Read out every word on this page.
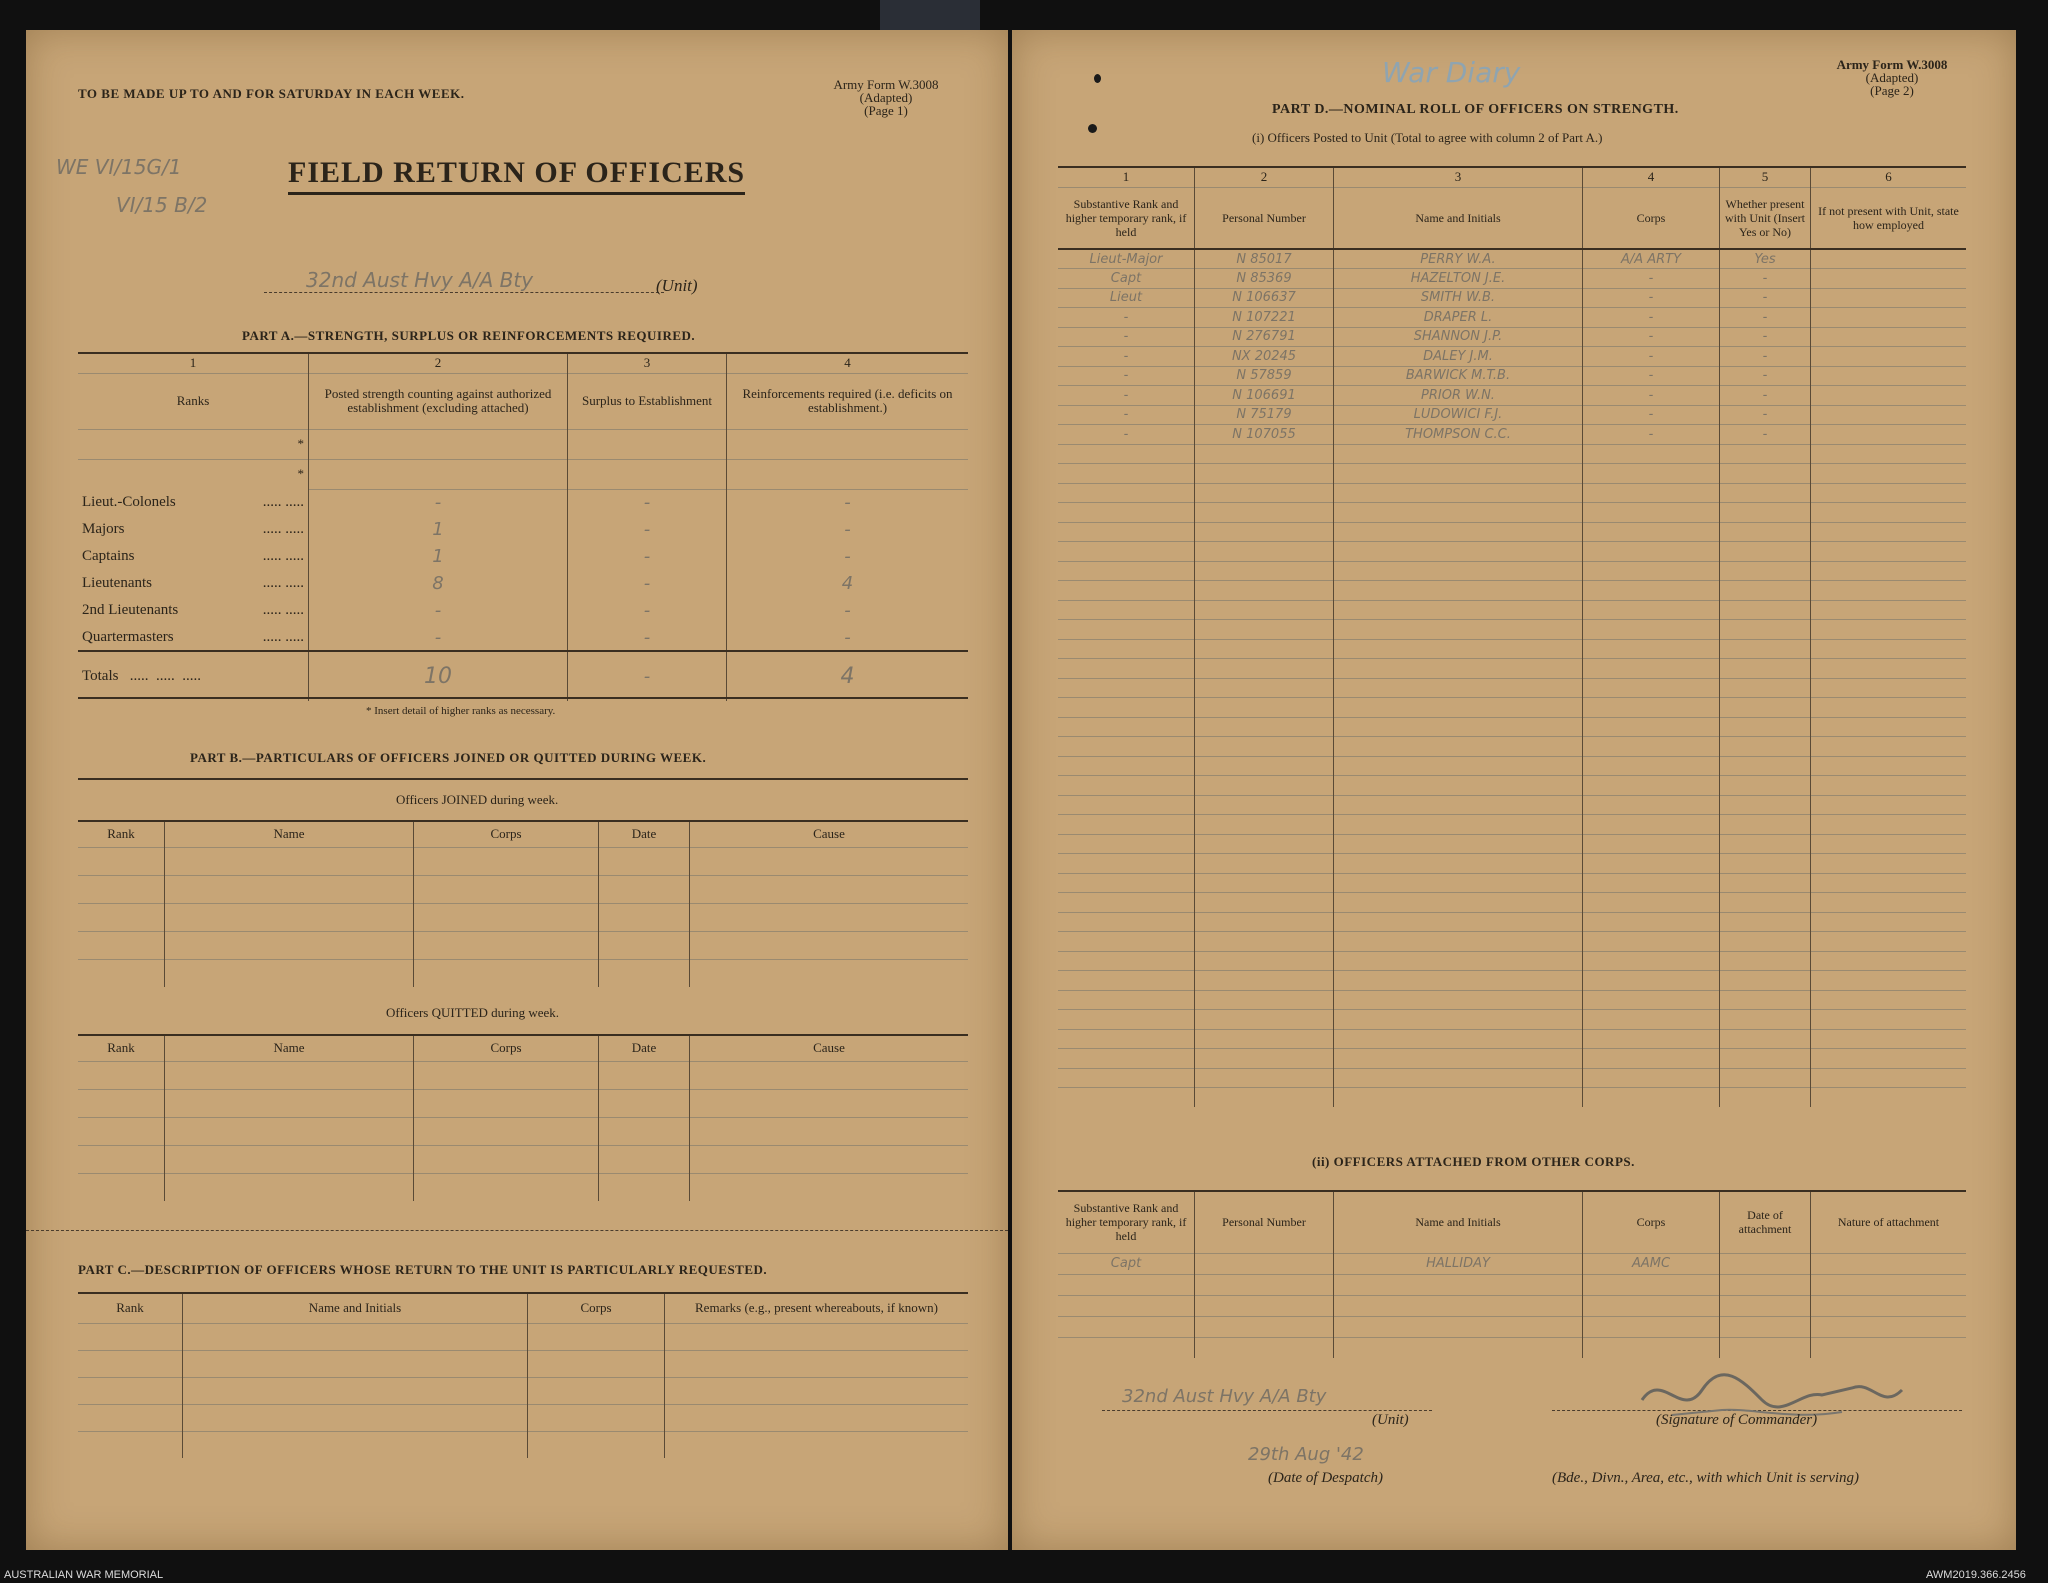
TO BE MADE UP TO AND FOR SATURDAY IN EACH WEEK.
Army Form W.3008
(Adapted)
(Page 1)
WE VI/15G/1
VI/15 B/2
FIELD RETURN OF OFFICERS
32nd Aust Hvy A/A Bty	(Unit)
PART A.—STRENGTH, SURPLUS OR REINFORCEMENTS REQUIRED.
1	2	3	4
Ranks	Posted strength counting against authorized establishment (excluding attached)	Surplus to Establishment	Reinforcements required (i.e. deficits on establishment.)
*			
*			
Lieut.-Colonels ..... .....	-	-	-
Majors ..... .....	1	-	-
Captains ..... .....	1	-	-
Lieutenants ..... .....	8	-	4
2nd Lieutenants ..... .....	-	-	-
Quartermasters ..... .....	-	-	-
Totals   .....  .....  .....	10	-	4
* Insert detail of higher ranks as necessary.
PART B.—PARTICULARS OF OFFICERS JOINED OR QUITTED DURING WEEK.
Officers JOINED during week.
Rank	Name	Corps	Date	Cause

Officers QUITTED during week.
Rank	Name	Corps	Date	Cause

PART C.—DESCRIPTION OF OFFICERS WHOSE RETURN TO THE UNIT IS PARTICULARLY REQUESTED.
Rank	Name and Initials	Corps	Remarks (e.g., present whereabouts, if known)

War Diary	Army Form W.3008
(Adapted)
(Page 2)
PART D.—NOMINAL ROLL OF OFFICERS ON STRENGTH.
(i) Officers Posted to Unit (Total to agree with column 2 of Part A.)
1	2	3	4	5	6
Substantive Rank and higher temporary rank, if held	Personal Number	Name and Initials	Corps	Whether present with Unit (Insert Yes or No)	If not present with Unit, state how employed
Lieut-Major	N 85017	PERRY W.A.	A/A ARTY	Yes	
Capt	N 85369	HAZELTON J.E.	-	-	
Lieut	N 106637	SMITH W.B.	-	-	
-	N 107221	DRAPER L.	-	-	
-	N 276791	SHANNON J.P.	-	-	
-	NX 20245	DALEY J.M.	-	-	
-	N 57859	BARWICK M.T.B.	-	-	
-	N 106691	PRIOR W.N.	-	-	
-	N 75179	LUDOWICI F.J.	-	-	
-	N 107055	THOMPSON C.C.	-	-	

(ii) OFFICERS ATTACHED FROM OTHER CORPS.
Substantive Rank and higher temporary rank, if held	Personal Number	Name and Initials	Corps	Date of attachment	Nature of attachment
Capt		HALLIDAY	AAMC		

32nd Aust Hvy A/A Bty
(Unit)
29th Aug '42
(Date of Despatch)
(Signature of Commander)
(Bde., Divn., Area, etc., with which Unit is serving)
AUSTRALIAN WAR MEMORIAL	AWM2019.366.2456
